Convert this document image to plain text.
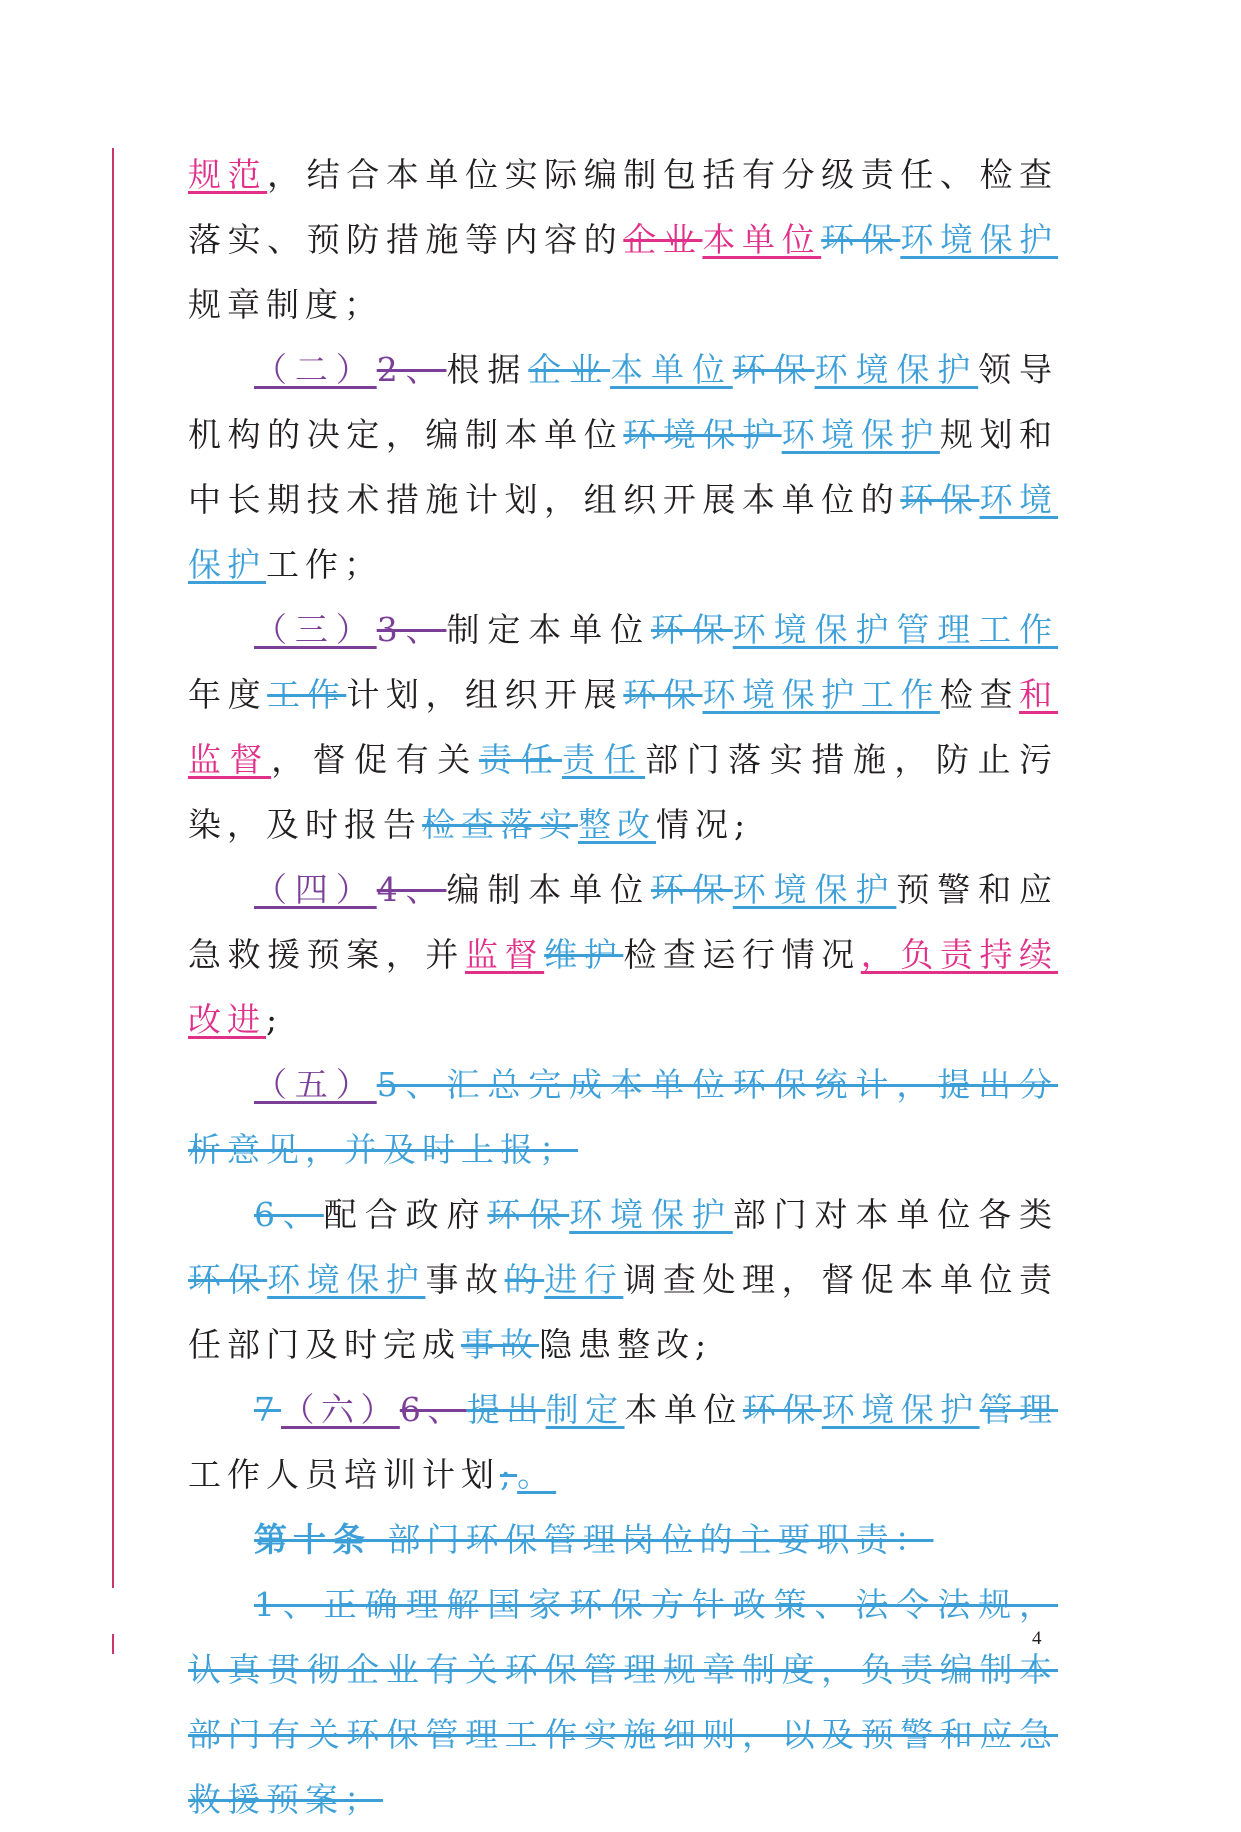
规范，结合本单位实际编制包括有分级责任、检查落实、预防措施等内容的企业本单位环保环境保护规章制度；

（二）2、根据企业本单位环保环境保护领导机构的决定，编制本单位环境保护环境保护规划和中长期技术措施计划，组织开展本单位的环保环境保护工作；

（三）3、制定本单位环保环境保护管理工作年度工作计划，组织开展环保环境保护工作检查和监督，督促有关责任责任部门落实措施，防止污染，及时报告检查落实整改情况;

（四）4、编制本单位环保环境保护预警和应急救援预案，并监督维护检查运行情况，负责持续改进;

（五）5、汇总完成本单位环保统计，提出分析意见，并及时上报；

6、配合政府环保环境保护部门对本单位各类环保环境保护事故的进行调查处理，督促本单位责任部门及时完成事故隐患整改;

7（六）6、提出制定本单位环保环境保护管理工作人员培训计划;。

第十条 部门环保管理岗位的主要职责：

1、正确理解国家环保方针政策、法令法规，认真贯彻企业有关环保管理规章制度，负责编制本部门有关环保管理工作实施细则，以及预警和应急救援预案；

4
